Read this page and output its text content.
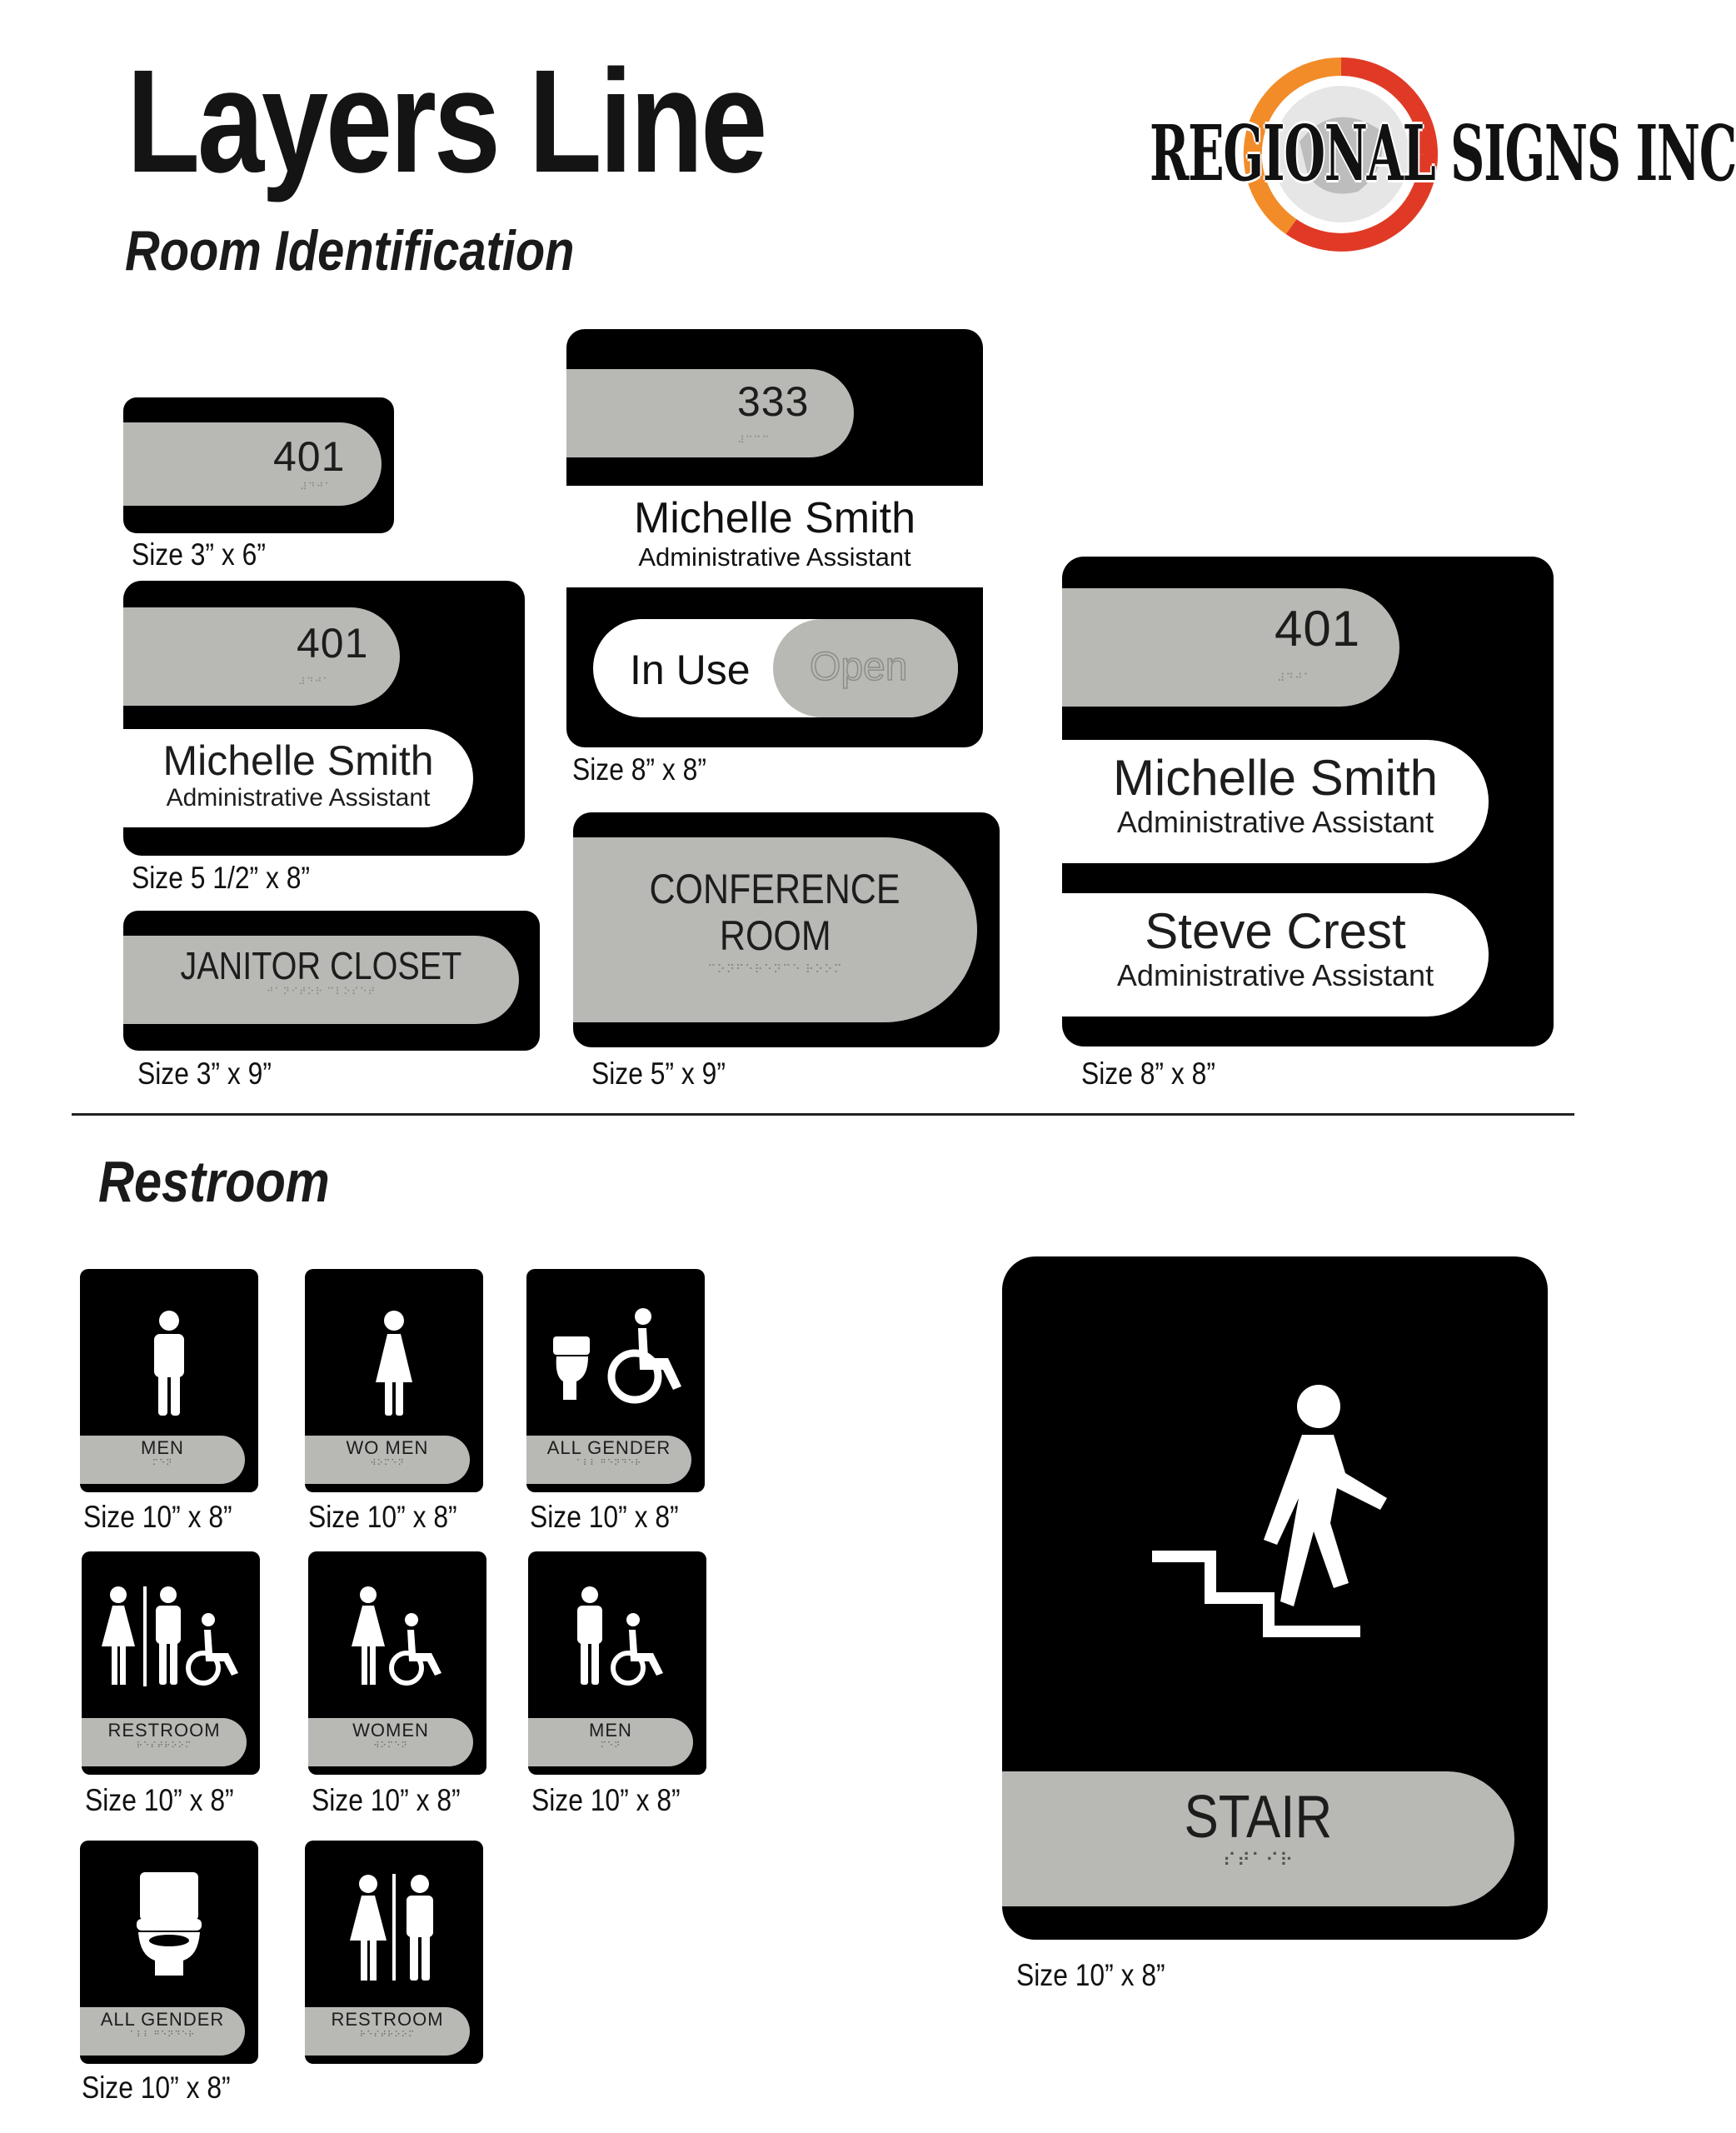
Layers Line
Room Identification
REGIONAL SIGNS INC
401
⠼⠙⠚⠁
Size 3” x 6”
401
⠼⠙⠚⠁
Michelle Smith
Administrative Assistant
Size 5 1/2” x 8”
JANITOR CLOSET
⠚⠁⠝⠊⠞⠕⠗ ⠉⠇⠕⠎⠑⠞
Size 3” x 9”
333
⠼⠉⠉⠉
Michelle Smith
Administrative Assistant
In Use Open
Size 8” x 8”
CONFERENCE
ROOM
⠉⠕⠝⠋⠑⠗⠑⠝⠉⠑ ⠗⠕⠕⠍
Size 5” x 9”
401
⠼⠙⠚⠁
Michelle Smith
Administrative Assistant
Steve Crest
Administrative Assistant
Size 8” x 8”
Restroom
MEN
⠍⠑⠝
Size 10” x 8”
WO MEN
⠺⠕⠍⠑⠝
Size 10” x 8”
ALL GENDER
⠁⠇⠇ ⠛⠑⠝⠙⠑⠗
Size 10” x 8”
RESTROOM
⠗⠑⠎⠞⠗⠕⠕⠍
Size 10” x 8”
WOMEN
⠺⠕⠍⠑⠝
Size 10” x 8”
MEN
⠍⠑⠝
Size 10” x 8”
ALL GENDER
⠁⠇⠇ ⠛⠑⠝⠙⠑⠗
Size 10” x 8”
RESTROOM
⠗⠑⠎⠞⠗⠕⠕⠍
STAIR
⠎⠞⠁⠊⠗
Size 10” x 8”
